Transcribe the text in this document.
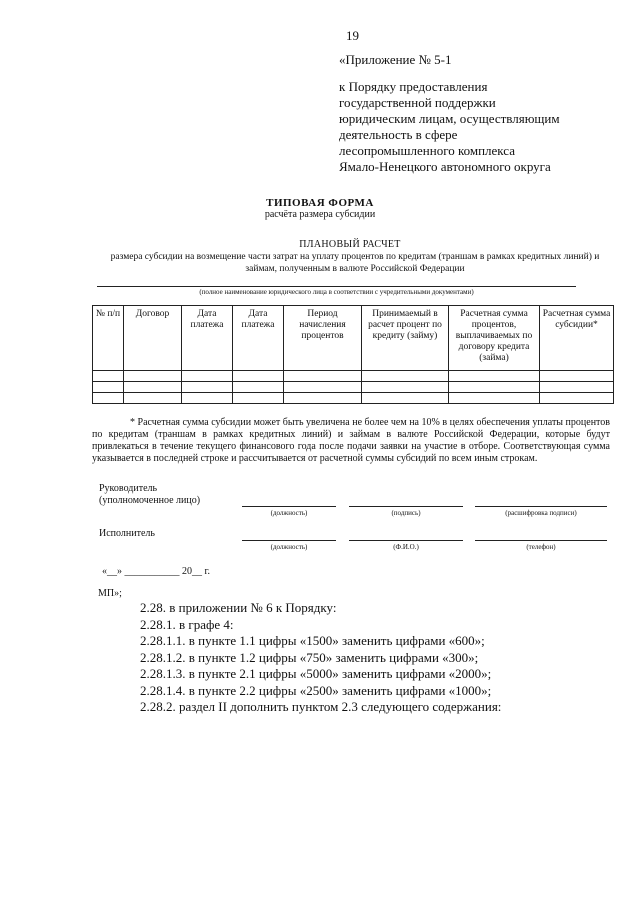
19
«Приложение № 5-1
к Порядку предоставления
государственной поддержки
юридическим лицам, осуществляющим
деятельность в сфере
лесопромышленного комплекса
Ямало-Ненецкого автономного округа
ТИПОВАЯ ФОРМА
расчёта размера субсидии
ПЛАНОВЫЙ РАСЧЕТ
размера субсидии на возмещение части затрат на уплату процентов по кредитам (траншам в рамках кредитных линий) и займам, полученным в валюте Российской Федерации
(полное наименование юридического лица в соответствии с учредительными документами)
№ п/п	Договор	Дата платежа	Дата платежа	Период начисления процентов	Принимаемый в расчет процент по кредиту (займу)	Расчетная сумма процентов, выплачиваемых по договору кредита (займа)	Расчетная сумма субсидии*

* Расчетная сумма субсидии может быть увеличена не более чем на 10% в целях обеспечения уплаты процентов по кредитам (траншам в рамках кредитных линий) и займам в валюте Российской Федерации, которые будут привлекаться в течение текущего финансового года после подачи заявки на участие в отборе. Соответствующая сумма указывается в последней строке и рассчитывается от расчетной суммы субсидий по всем иным строкам.

Руководитель
(уполномоченное лицо)
(должность)	(подпись)	(расшифровка подписи)
Исполнитель
(должность)	(Ф.И.О.)	(телефон)
«__» ___________ 20__ г.
МП»;
2.28. в приложении № 6 к Порядку:
2.28.1. в графе 4:
2.28.1.1. в пункте 1.1 цифры «1500» заменить цифрами «600»;
2.28.1.2. в пункте 1.2 цифры «750» заменить цифрами «300»;
2.28.1.3. в пункте 2.1 цифры «5000» заменить цифрами «2000»;
2.28.1.4. в пункте 2.2 цифры «2500» заменить цифрами «1000»;
2.28.2. раздел II дополнить пунктом 2.3 следующего содержания:
